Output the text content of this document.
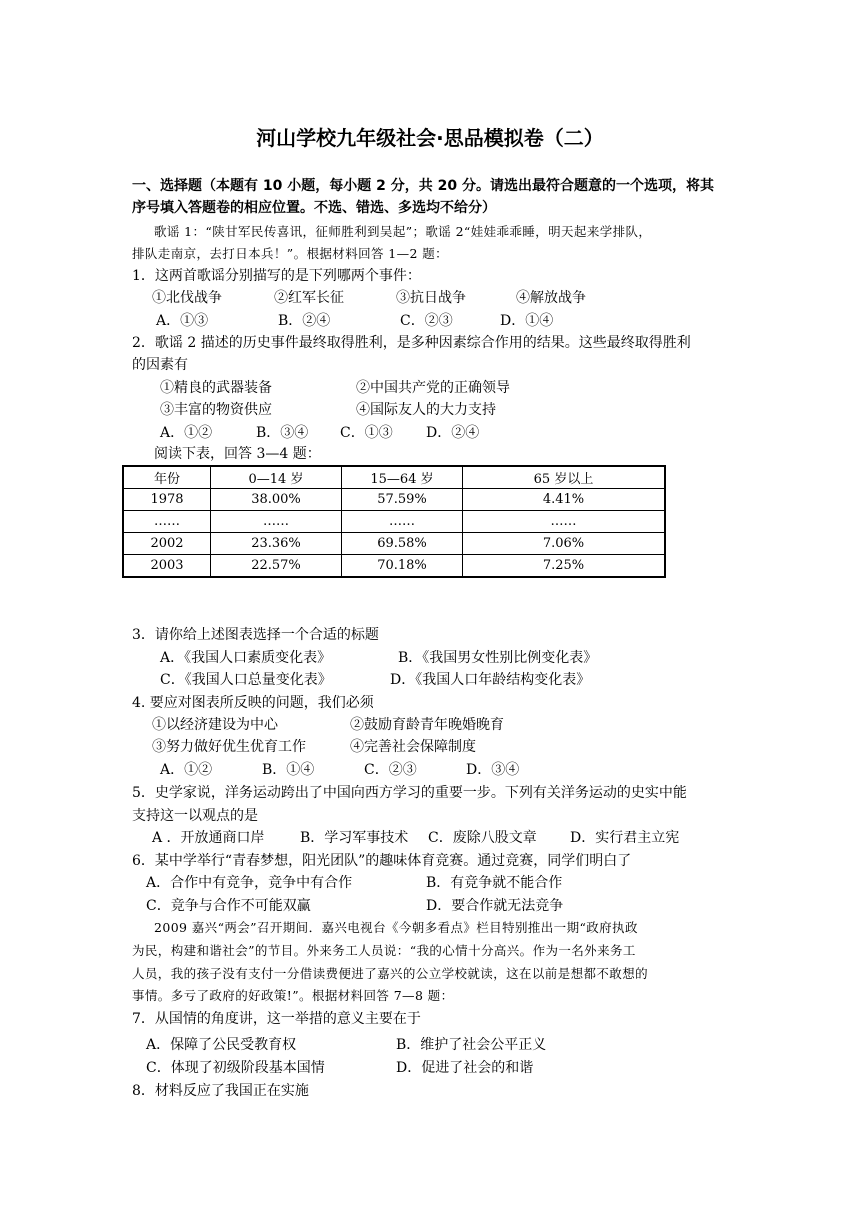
河山学校九年级社会·思品模拟卷（二）
一、选择题（本题有 10 小题，每小题 2 分，共 20 分。请选出最符合题意的一个选项，将其
序号填入答题卷的相应位置。不选、错选、多选均不给分）
歌谣 1：“陕甘军民传喜讯，征师胜利到吴起”；歌谣 2“娃娃乖乖睡，明天起来学排队，
排队走南京，去打日本兵！”。根据材料回答 1—2 题：
1．这两首歌谣分别描写的是下列哪两个事件：
①北伐战争	②红军长征	③抗日战争	④解放战争
A．①③	B．②④	C．②③	D．①④
2．歌谣 2 描述的历史事件最终取得胜利，是多种因素综合作用的结果。这些最终取得胜利
的因素有
①精良的武器装备	②中国共产党的正确领导
③丰富的物资供应	④国际友人的大力支持
A．①②	B．③④ C．①③ D．②④
阅读下表，回答 3—4 题：
年份	0—14 岁	15—64 岁	65 岁以上
1978	38.00%	57.59%	4.41%
……	……	……	……
2002	23.36%	69.58%	7.06%
2003	22.57%	70.18%	7.25%
3．请你给上述图表选择一个合适的标题
A．《我国人口素质变化表》	B．《我国男女性别比例变化表》
C．《我国人口总量变化表》	D．《我国人口年龄结构变化表》
4. 要应对图表所反映的问题，我们必须
①以经济建设为中心	②鼓励育龄青年晚婚晚育
③努力做好优生优育工作	④完善社会保障制度
A．①②	B．①④	C．②③	D．③④
5．史学家说，洋务运动跨出了中国向西方学习的重要一步。下列有关洋务运动的史实中能
支持这一以观点的是
A ．开放通商口岸	B．学习军事技术 C．废除八股文章 D．实行君主立宪
6．某中学举行“青春梦想，阳光团队”的趣味体育竞赛。通过竞赛，同学们明白了
A．合作中有竞争，竞争中有合作	B．有竞争就不能合作
C．竞争与合作不可能双赢	D．要合作就无法竞争
2009 嘉兴“两会”召开期间．嘉兴电视台《今朝多看点》栏目特别推出一期“政府执政
为民，构建和谐社会”的节目。外来务工人员说：“我的心情十分高兴。作为一名外来务工
人员，我的孩子没有支付一分借读费便进了嘉兴的公立学校就读，这在以前是想都不敢想的
事情。多亏了政府的好政策!”。根据材料回答 7—8 题：
7．从国情的角度讲，这一举措的意义主要在于
A．保障了公民受教育权	B．维护了社会公平正义
C．体现了初级阶段基本国情	D．促进了社会的和谐
8．材料反应了我国正在实施
